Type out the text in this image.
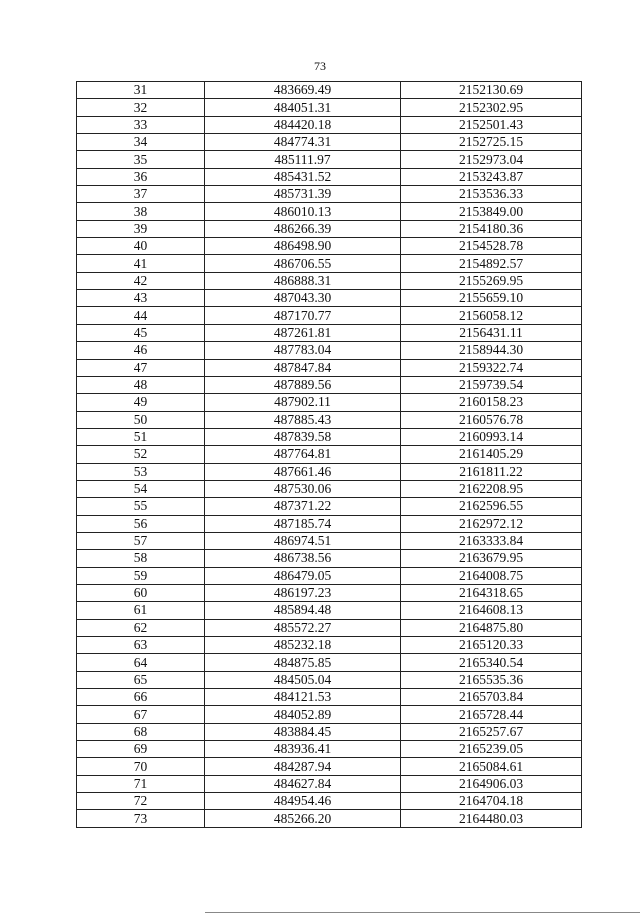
73
31	483669.49	2152130.69
32	484051.31	2152302.95
33	484420.18	2152501.43
34	484774.31	2152725.15
35	485111.97	2152973.04
36	485431.52	2153243.87
37	485731.39	2153536.33
38	486010.13	2153849.00
39	486266.39	2154180.36
40	486498.90	2154528.78
41	486706.55	2154892.57
42	486888.31	2155269.95
43	487043.30	2155659.10
44	487170.77	2156058.12
45	487261.81	2156431.11
46	487783.04	2158944.30
47	487847.84	2159322.74
48	487889.56	2159739.54
49	487902.11	2160158.23
50	487885.43	2160576.78
51	487839.58	2160993.14
52	487764.81	2161405.29
53	487661.46	2161811.22
54	487530.06	2162208.95
55	487371.22	2162596.55
56	487185.74	2162972.12
57	486974.51	2163333.84
58	486738.56	2163679.95
59	486479.05	2164008.75
60	486197.23	2164318.65
61	485894.48	2164608.13
62	485572.27	2164875.80
63	485232.18	2165120.33
64	484875.85	2165340.54
65	484505.04	2165535.36
66	484121.53	2165703.84
67	484052.89	2165728.44
68	483884.45	2165257.67
69	483936.41	2165239.05
70	484287.94	2165084.61
71	484627.84	2164906.03
72	484954.46	2164704.18
73	485266.20	2164480.03
